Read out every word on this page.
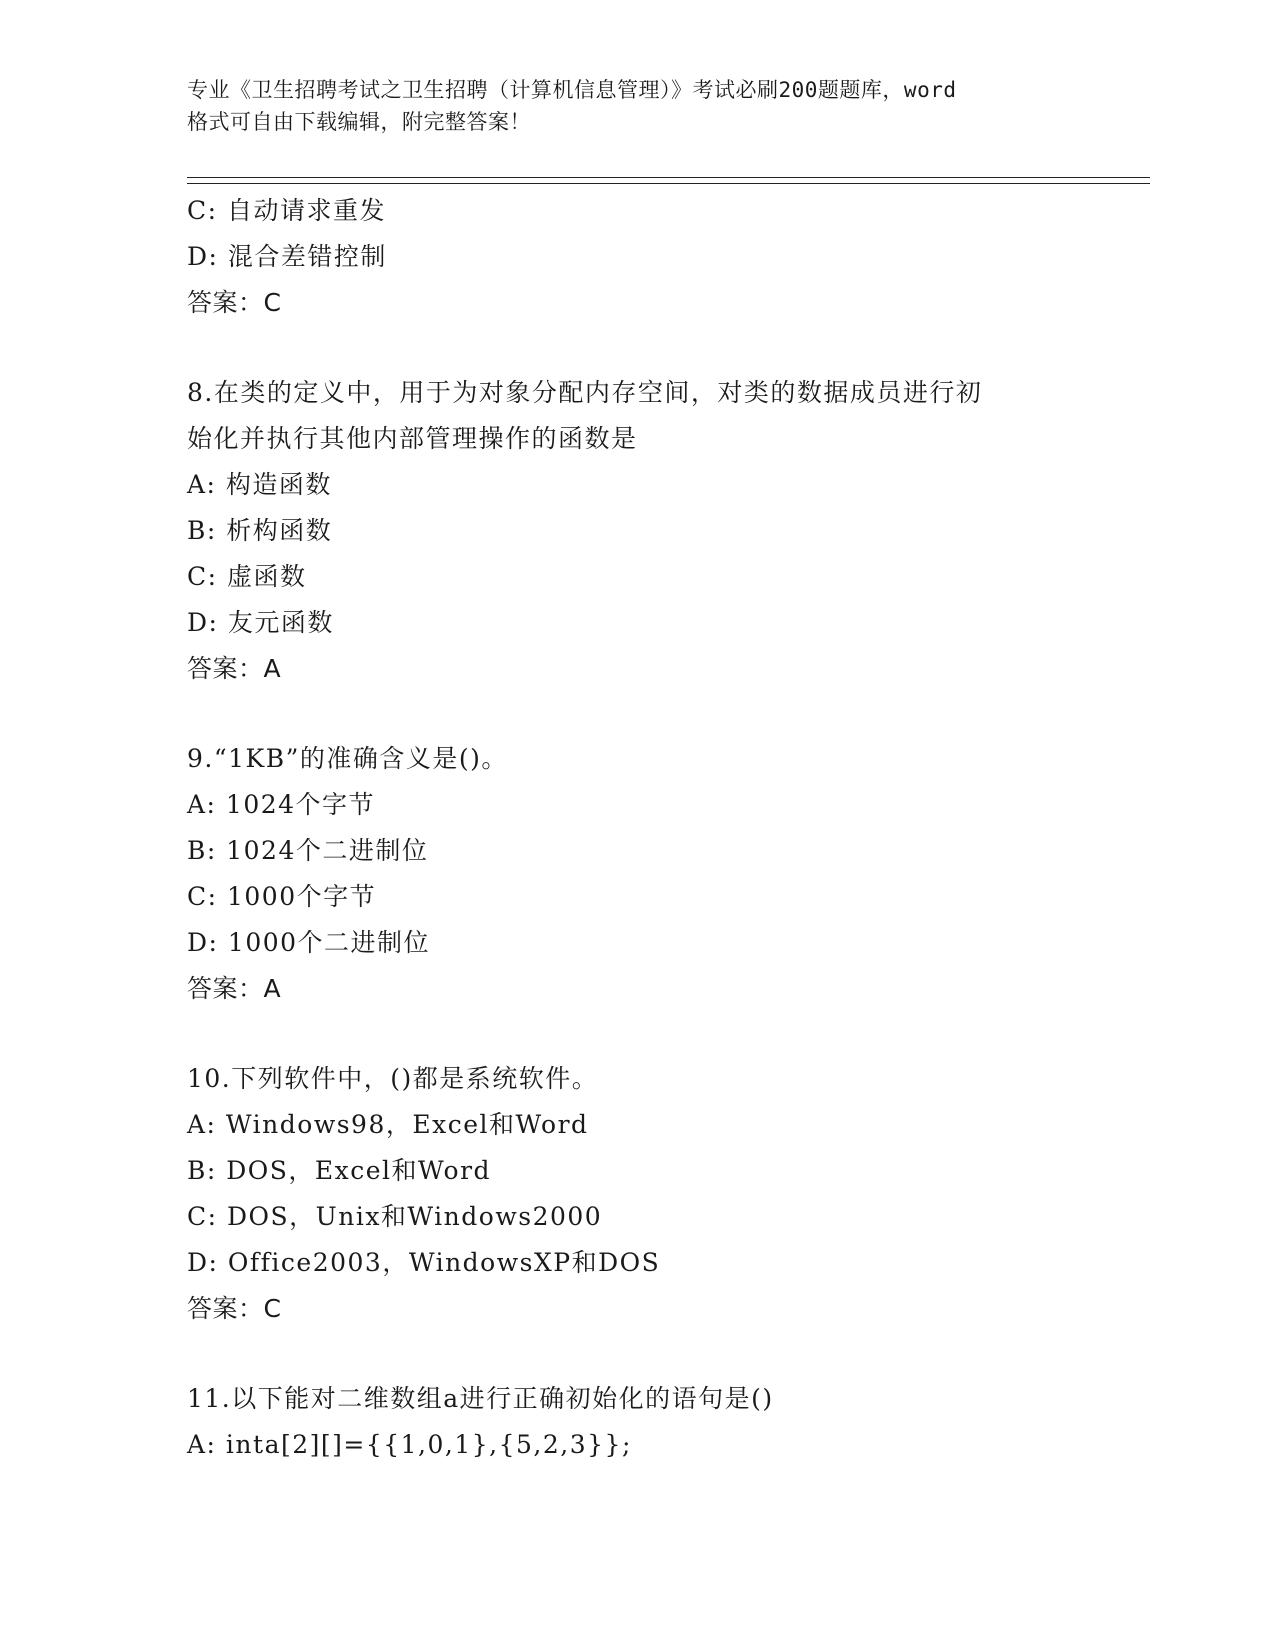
专业《卫生招聘考试之卫生招聘（计算机信息管理）》考试必刷200题题库，word
格式可自由下载编辑，附完整答案！
C: 自动请求重发
D: 混合差错控制
答案：C
8.在类的定义中，用于为对象分配内存空间，对类的数据成员进行初
始化并执行其他内部管理操作的函数是
A: 构造函数
B: 析构函数
C: 虚函数
D: 友元函数
答案：A
9.“1KB”的准确含义是()。
A: 1024个字节
B: 1024个二进制位
C: 1000个字节
D: 1000个二进制位
答案：A
10.下列软件中，()都是系统软件。
A: Windows98，Excel和Word
B: DOS，Excel和Word
C: DOS，Unix和Windows2000
D: Office2003，WindowsXP和DOS
答案：C
11.以下能对二维数组a进行正确初始化的语句是()
A: inta[2][]={{1,0,1},{5,2,3}};
